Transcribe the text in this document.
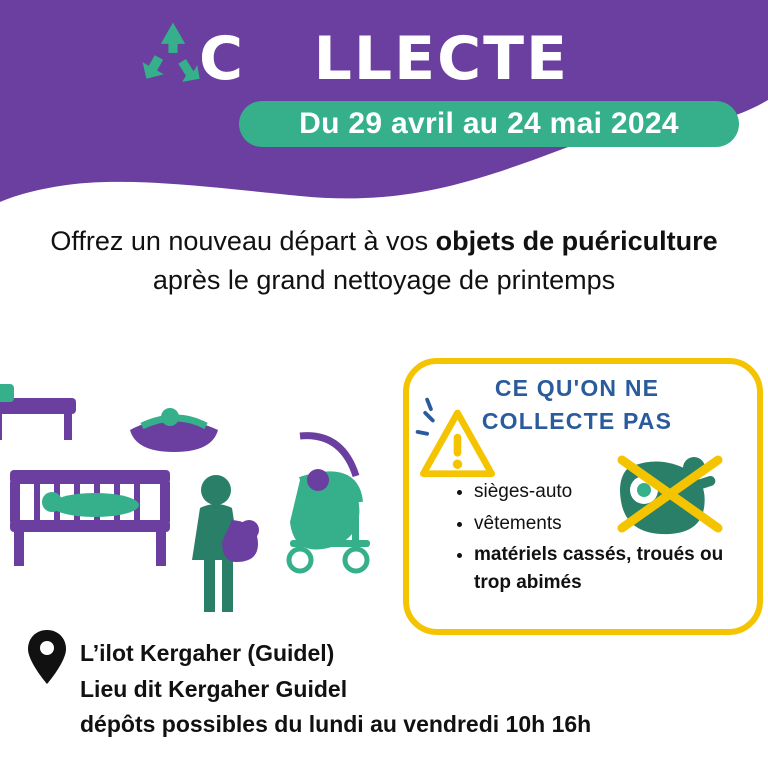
C   LLECTE
Du 29 avril au 24 mai 2024
Offrez un nouveau départ à vos objets de puériculture après le grand nettoyage de printemps
CE QU'ON NE
COLLECTE PAS
• sièges-auto
• vêtements
• matériels cassés, troués ou trop abimés
L’ilot Kergaher (Guidel)
Lieu dit Kergaher Guidel
dépôts possibles du lundi au vendredi 10h 16h
